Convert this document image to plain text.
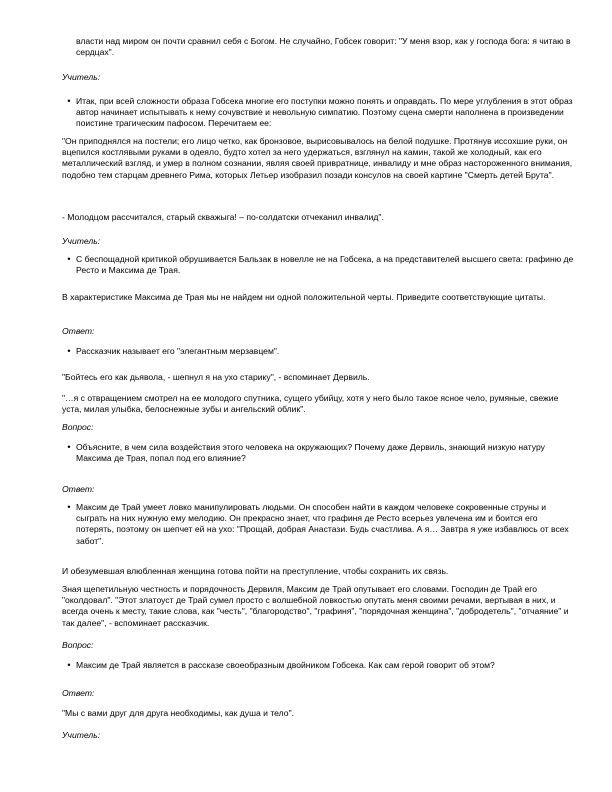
власти над миром он почти сравнил себя с Богом. Не случайно, Гобсек говорит: "У меня взор, как у господа бога: я читаю в сердцах".
Учитель:
• Итак, при всей сложности образа Гобсека многие его поступки можно понять и оправдать. По мере углубления в этот образ автор начинает испытывать к нему сочувствие и невольную симпатию. Поэтому сцена смерти наполнена в произведении поистине трагическим пафосом. Перечитаем ее:
"Он приподнялся на постели; его лицо четко, как бронзовое, вырисовывалось на белой подушке. Протянув иссохшие руки, он вцепился костлявыми руками в одеяло, будто хотел за него удержаться, взглянул на камин, такой же холодный, как его металлический взгляд, и умер в полном сознании, являя своей привратнице, инвалиду и мне образ настороженного внимания, подобно тем старцам древнего Рима, которых Летьер изобразил позади консулов на своей картине "Смерть детей Брута".
- Молодцом рассчитался, старый скважыга! – по-солдатски отчеканил инвалид".
Учитель:
• С беспощадной критикой обрушивается Бальзак в новелле не на Гобсека, а на представителей высшего света: графиню де Ресто и Максима де Трая.
В характеристике Максима де Трая мы не найдем ни одной положительной черты. Приведите соответствующие цитаты.
Ответ:
• Рассказчик называет его "элегантным мерзавцем".
"Бойтесь его как дьявола, - шепнул я на ухо старику", - вспоминает Дервиль.
"…я с отвращением смотрел на ее молодого спутника, сущего убийцу, хотя у него было такое ясное чело, румяные, свежие уста, милая улыбка, белоснежные зубы и ангельский облик".
Вопрос:
• Объясните, в чем сила воздействия этого человека на окружающих? Почему даже Дервиль, знающий низкую натуру Максима де Трая, попал под его влияние?
Ответ:
• Максим де Трай умеет ловко манипулировать людьми. Он способен найти в каждом человеке сокровенные струны и сыграть на них нужную ему мелодию. Он прекрасно знает, что графиня де Ресто всерьез увлечена им и боится его потерять, поэтому он шепчет ей на ухо: "Прощай, добрая Анастази. Будь счастлива. А я… Завтра я уже избавлюсь от всех забот".
И обезумевшая влюбленная женщина готова пойти на преступление, чтобы сохранить их связь.
Зная щепетильную честность и порядочность Дервиля, Максим де Трай опутывает его словами. Господин де Трай его "околдовал". "Этот златоуст де Трай сумел просто с волшебной ловкостью опутать меня своими речами, вертывая в них, и всегда очень к месту, такие слова, как "честь", "благородство", "графиня", "порядочная женщина", "добродетель", "отчаяние" и так далее", - вспоминает рассказчик.
Вопрос:
• Максим де Трай является в рассказе своеобразным двойником Гобсека. Как сам герой говорит об этом?
Ответ:
"Мы с вами друг для друга необходимы, как душа и тело".
Учитель:
